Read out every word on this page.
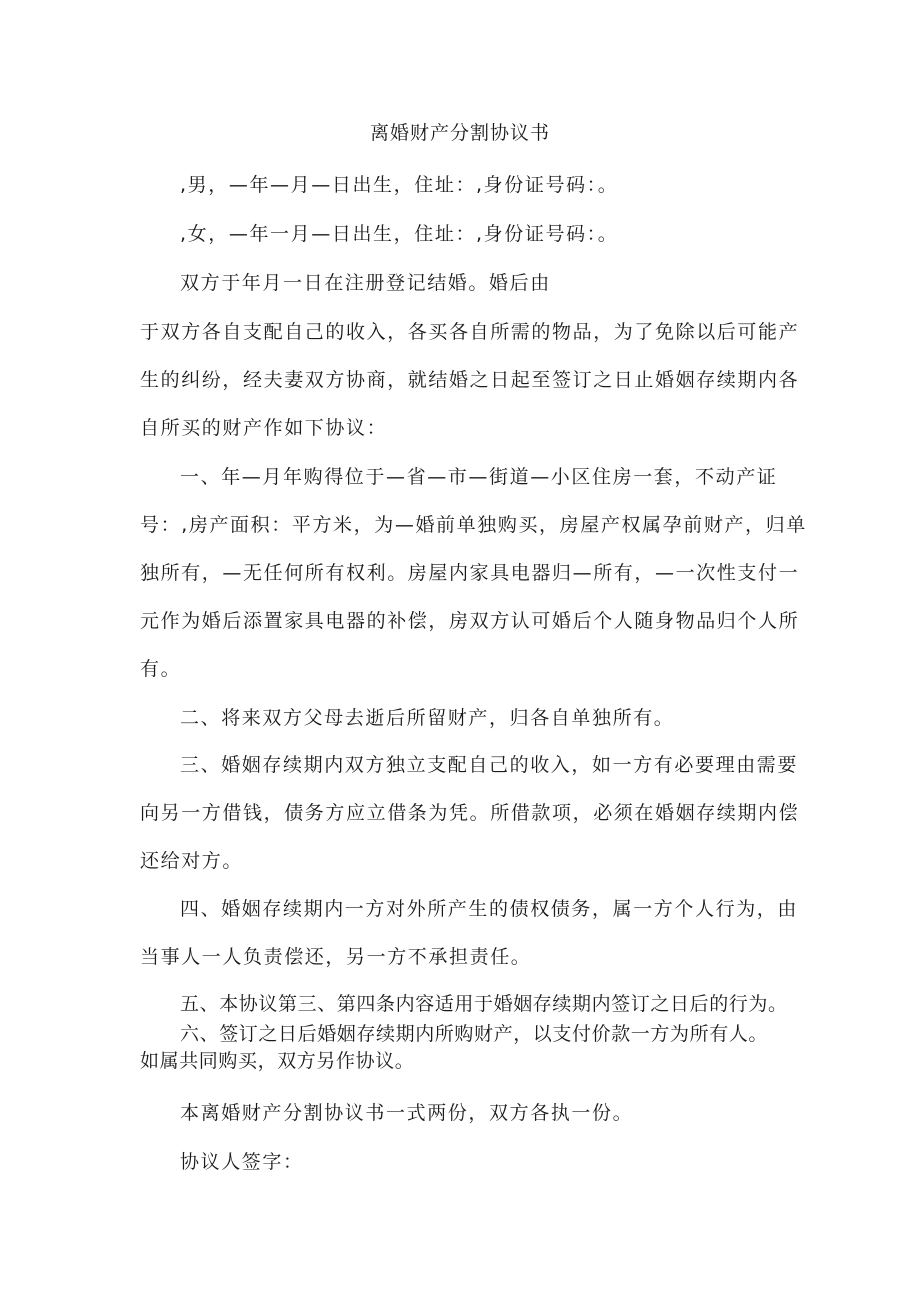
离婚财产分割协议书
,男，—年—月—日出生，住址：,身份证号码：。
,女，—年一月—日出生，住址：,身份证号码：。
双方于年月一日在注册登记结婚。婚后由
于双方各自支配自己的收入，各买各自所需的物品，为了免除以后可能产
生的纠纷，经夫妻双方协商，就结婚之日起至签订之日止婚姻存续期内各
自所买的财产作如下协议：
一、年—月年购得位于—省—市—街道—小区住房一套，不动产证
号：,房产面积：平方米，为—婚前单独购买，房屋产权属孕前财产，归单
独所有，—无任何所有权利。房屋内家具电器归—所有，—一次性支付一
元作为婚后添置家具电器的补偿，房双方认可婚后个人随身物品归个人所
有。
二、将来双方父母去逝后所留财产，归各自单独所有。
三、婚姻存续期内双方独立支配自己的收入，如一方有必要理由需要
向另一方借钱，债务方应立借条为凭。所借款项，必须在婚姻存续期内偿
还给对方。
四、婚姻存续期内一方对外所产生的债权债务，属一方个人行为，由
当事人一人负责偿还，另一方不承担责任。
五、本协议第三、第四条内容适用于婚姻存续期内签订之日后的行为。
六、签订之日后婚姻存续期内所购财产，以支付价款一方为所有人。
如属共同购买，双方另作协议。
本离婚财产分割协议书一式两份，双方各执一份。
协议人签字：
